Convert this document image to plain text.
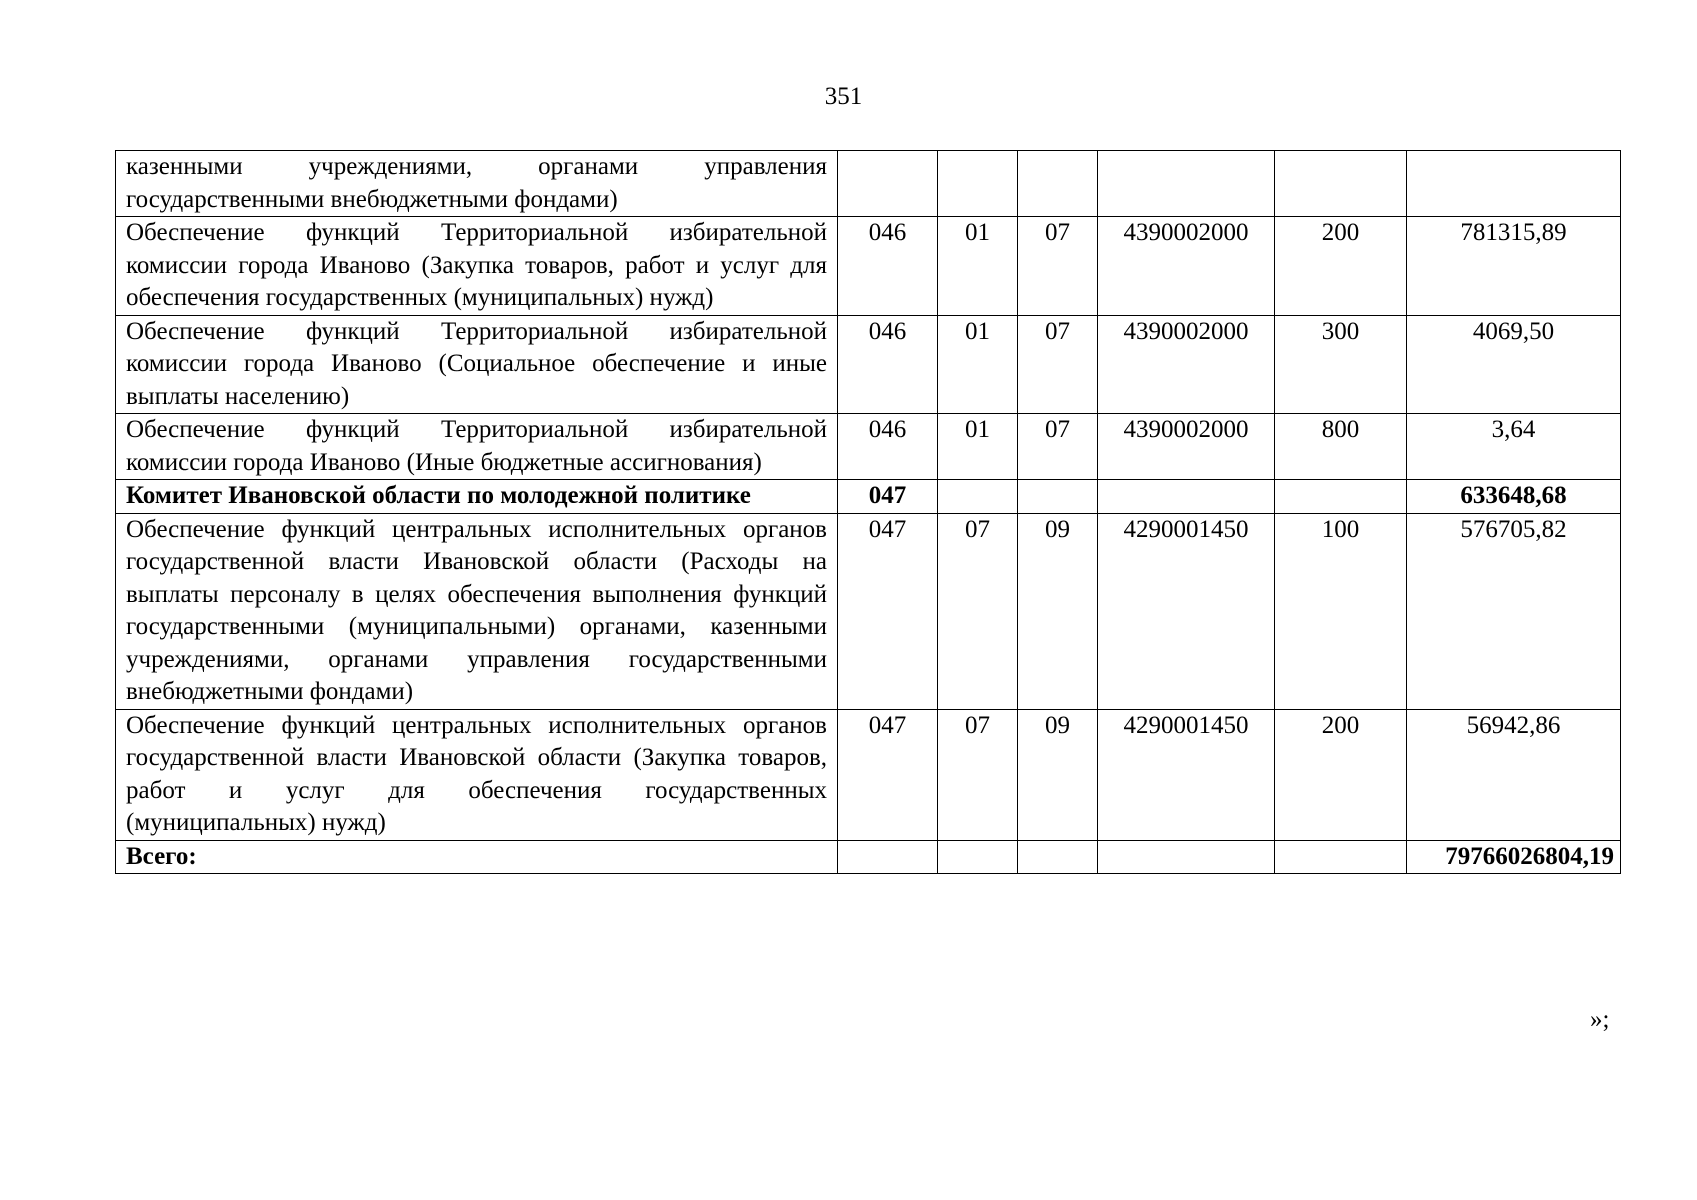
351
казенными учреждениями, органами управления государственными внебюджетными фондами)						
Обеспечение функций Территориальной избирательной комиссии города Иваново (Закупка товаров, работ и услуг для обеспечения государственных (муниципальных) нужд)	046	01	07	4390002000	200	781315,89
Обеспечение функций Территориальной избирательной комиссии города Иваново (Социальное обеспечение и иные выплаты населению)	046	01	07	4390002000	300	4069,50
Обеспечение функций Территориальной избирательной комиссии города Иваново (Иные бюджетные ассигнования)	046	01	07	4390002000	800	3,64
Комитет Ивановской области по молодежной политике	047					633648,68
Обеспечение функций центральных исполнительных органов государственной власти Ивановской области (Расходы на выплаты персоналу в целях обеспечения выполнения функций государственными (муниципальными) органами, казенными учреждениями, органами управления государственными внебюджетными фондами)	047	07	09	4290001450	100	576705,82
Обеспечение функций центральных исполнительных органов государственной власти Ивановской области (Закупка товаров, работ и услуг для обеспечения государственных (муниципальных) нужд)	047	07	09	4290001450	200	56942,86
Всего:						79766026804,19
»;
